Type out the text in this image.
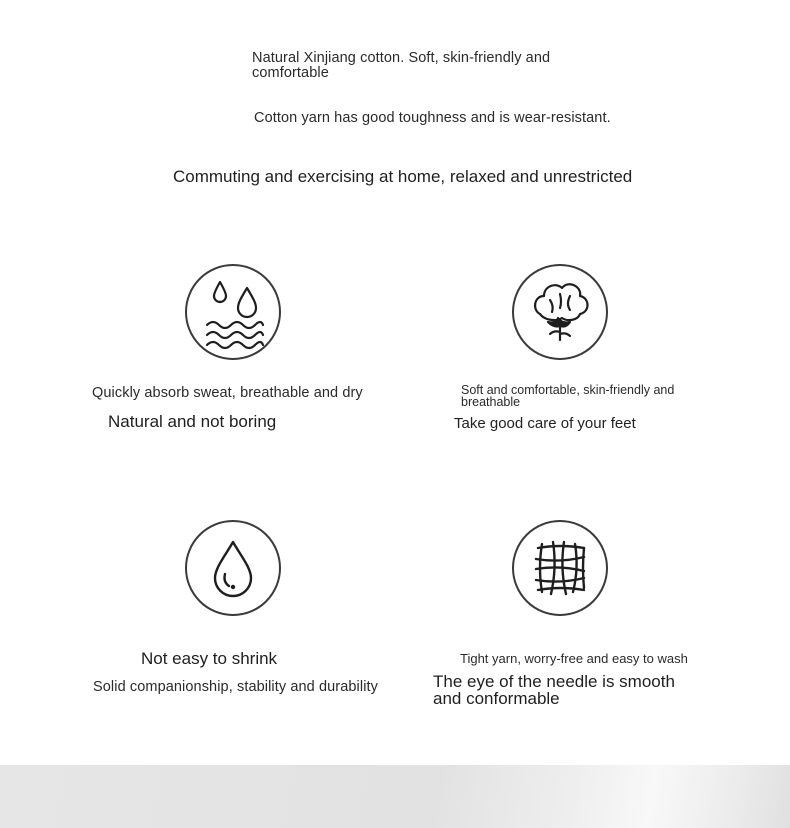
Natural Xinjiang cotton. Soft, skin-friendly and
comfortable
Cotton yarn has good toughness and is wear-resistant.
Commuting and exercising at home, relaxed and unrestricted
Quickly absorb sweat, breathable and dry
Natural and not boring
Soft and comfortable, skin-friendly and
breathable
Take good care of your feet
Not easy to shrink
Solid companionship, stability and durability
Tight yarn, worry-free and easy to wash
The eye of the needle is smooth
and conformable
